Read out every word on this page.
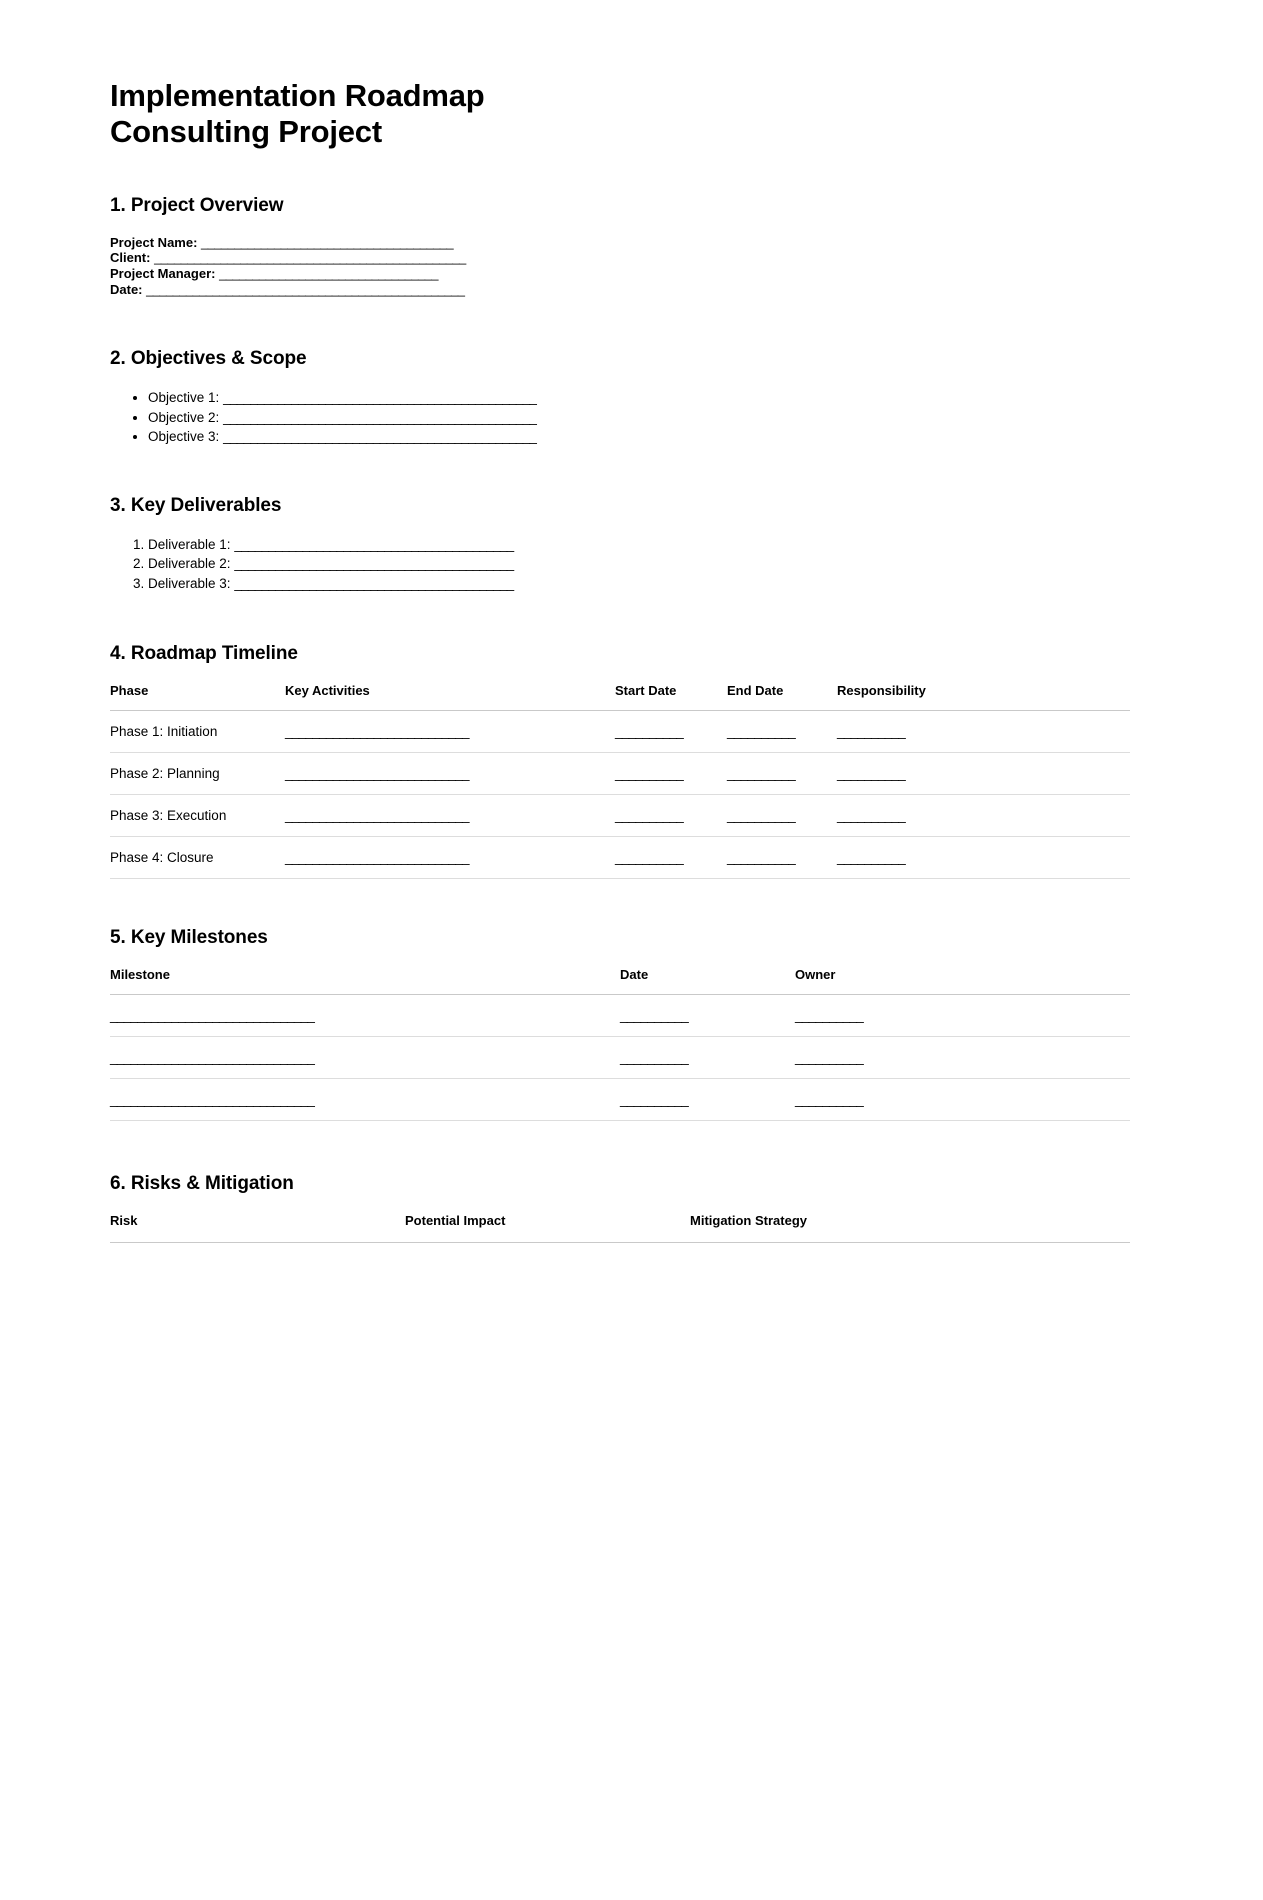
Implementation Roadmap
Consulting Project
1. Project Overview
Project Name: ______________________________________
Client: _______________________________________________
Project Manager: _________________________________
Date: ________________________________________________
2. Objectives & Scope
• Objective 1: ______________________________________________
• Objective 2: ______________________________________________
• Objective 3: ______________________________________________
3. Key Deliverables
1. Deliverable 1: _________________________________________
2. Deliverable 2: _________________________________________
3. Deliverable 3: _________________________________________
4. Roadmap Timeline
Phase	Key Activities	Start Date	End Date	Responsibility
Phase 1: Initiation	___________________________	__________	__________	__________
Phase 2: Planning	___________________________	__________	__________	__________
Phase 3: Execution	___________________________	__________	__________	__________
Phase 4: Closure	___________________________	__________	__________	__________
5. Key Milestones
Milestone	Date	Owner
______________________________	__________	__________
______________________________	__________	__________
______________________________	__________	__________
6. Risks & Mitigation
Risk	Potential Impact	Mitigation Strategy
